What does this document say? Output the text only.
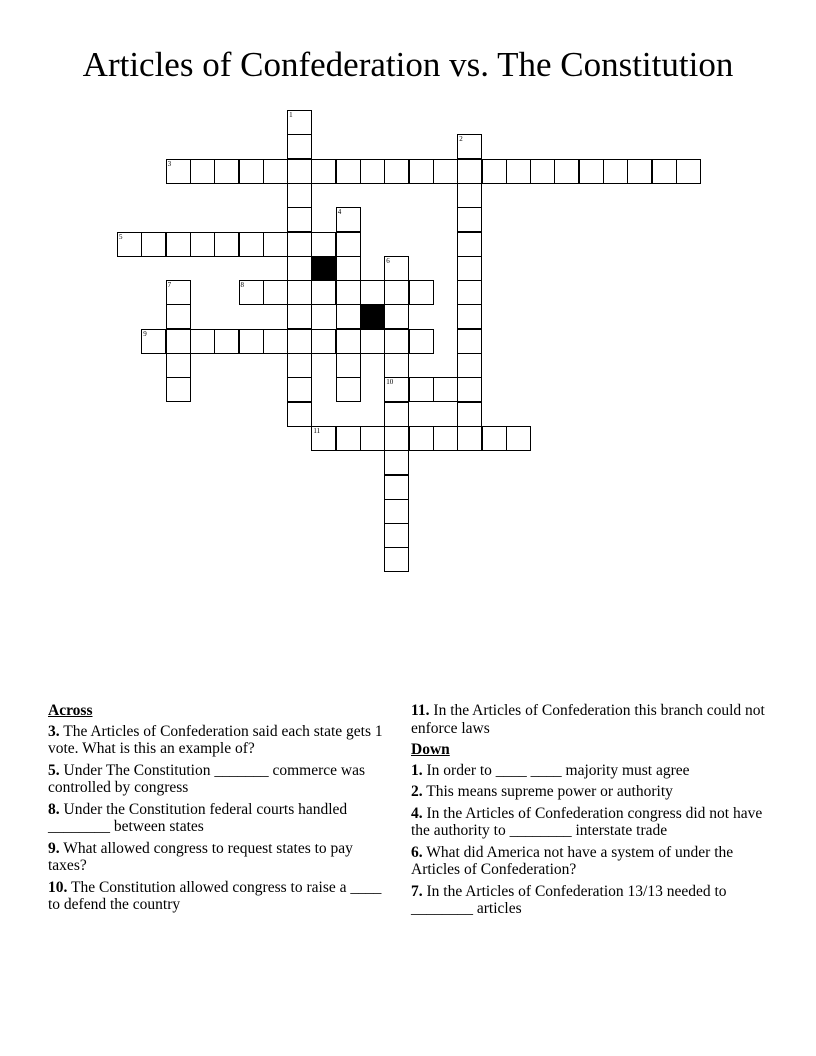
Articles of Confederation vs. The Constitution
1
2
3
4
5
6
10
7	8
9
11
Across
3. The Articles of Confederation said each state gets 1 vote. What is this an example of?
5. Under The Constitution _______ commerce was controlled by congress
8. Under the Constitution federal courts handled ________ between states
9. What allowed congress to request states to pay taxes?
10. The Constitution allowed congress to raise a ____ to defend the country
11. In the Articles of Confederation this branch could not enforce laws
Down
1. In order to ____ ____ majority must agree
2. This means supreme power or authority
4. In the Articles of Confederation congress did not have the authority to ________ interstate trade
6. What did America not have a system of under the Articles of Confederation?
7. In the Articles of Confederation 13/13 needed to ________ articles
